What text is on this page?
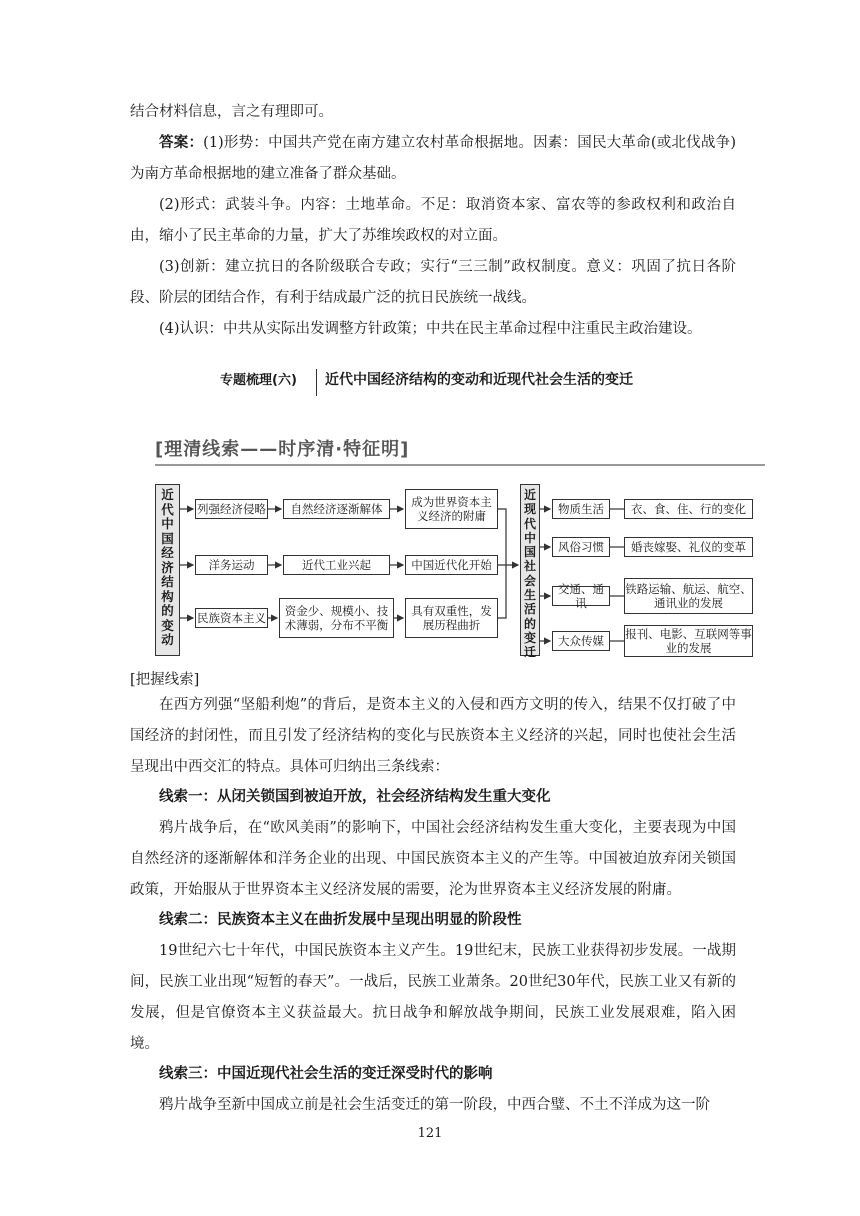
结合材料信息，言之有理即可。
答案：(1)形势：中国共产党在南方建立农村革命根据地。因素：国民大革命(或北伐战争)为南方革命根据地的建立准备了群众基础。
(2)形式：武装斗争。内容：土地革命。不足：取消资本家、富农等的参政权利和政治自由，缩小了民主革命的力量，扩大了苏维埃政权的对立面。
(3)创新：建立抗日的各阶级联合专政；实行“三三制”政权制度。意义：巩固了抗日各阶段、阶层的团结合作，有利于结成最广泛的抗日民族统一战线。
(4)认识：中共从实际出发调整方针政策；中共在民主革命过程中注重民主政治建设。
专题梳理(六) 近代中国经济结构的变动和近现代社会生活的变迁
[理清线索——时序清·特征明]
近代中国经济结构的变动
列强经济侵略	自然经济逐渐解体	成为世界资本主义经济的附庸
洋务运动	近代工业兴起	中国近代化开始
民族资本主义	资金少、规模小、技术薄弱，分布不平衡
具有双重性，发展历程曲折
近现代中国社会生活的变迁
物质生活
风俗习惯
交通、通讯
大众传媒
衣、食、住、行的变化
婚丧嫁娶、礼仪的变革
铁路运输、航运、航空、通讯业的发展
报刊、电影、互联网等事业的发展
[把握线索]
在西方列强“坚船利炮”的背后，是资本主义的入侵和西方文明的传入，结果不仅打破了中国经济的封闭性，而且引发了经济结构的变化与民族资本主义经济的兴起，同时也使社会生活呈现出中西交汇的特点。具体可归纳出三条线索：
线索一：从闭关锁国到被迫开放，社会经济结构发生重大变化
鸦片战争后，在“欧风美雨”的影响下，中国社会经济结构发生重大变化，主要表现为中国自然经济的逐渐解体和洋务企业的出现、中国民族资本主义的产生等。中国被迫放弃闭关锁国政策，开始服从于世界资本主义经济发展的需要，沦为世界资本主义经济发展的附庸。
线索二：民族资本主义在曲折发展中呈现出明显的阶段性
19世纪六七十年代，中国民族资本主义产生。19世纪末，民族工业获得初步发展。一战期间，民族工业出现“短暂的春天”。一战后，民族工业萧条。20世纪30年代，民族工业又有新的发展，但是官僚资本主义获益最大。抗日战争和解放战争期间，民族工业发展艰难，陷入困境。
线索三：中国近现代社会生活的变迁深受时代的影响
鸦片战争至新中国成立前是社会生活变迁的第一阶段，中西合璧、不土不洋成为这一阶
121
